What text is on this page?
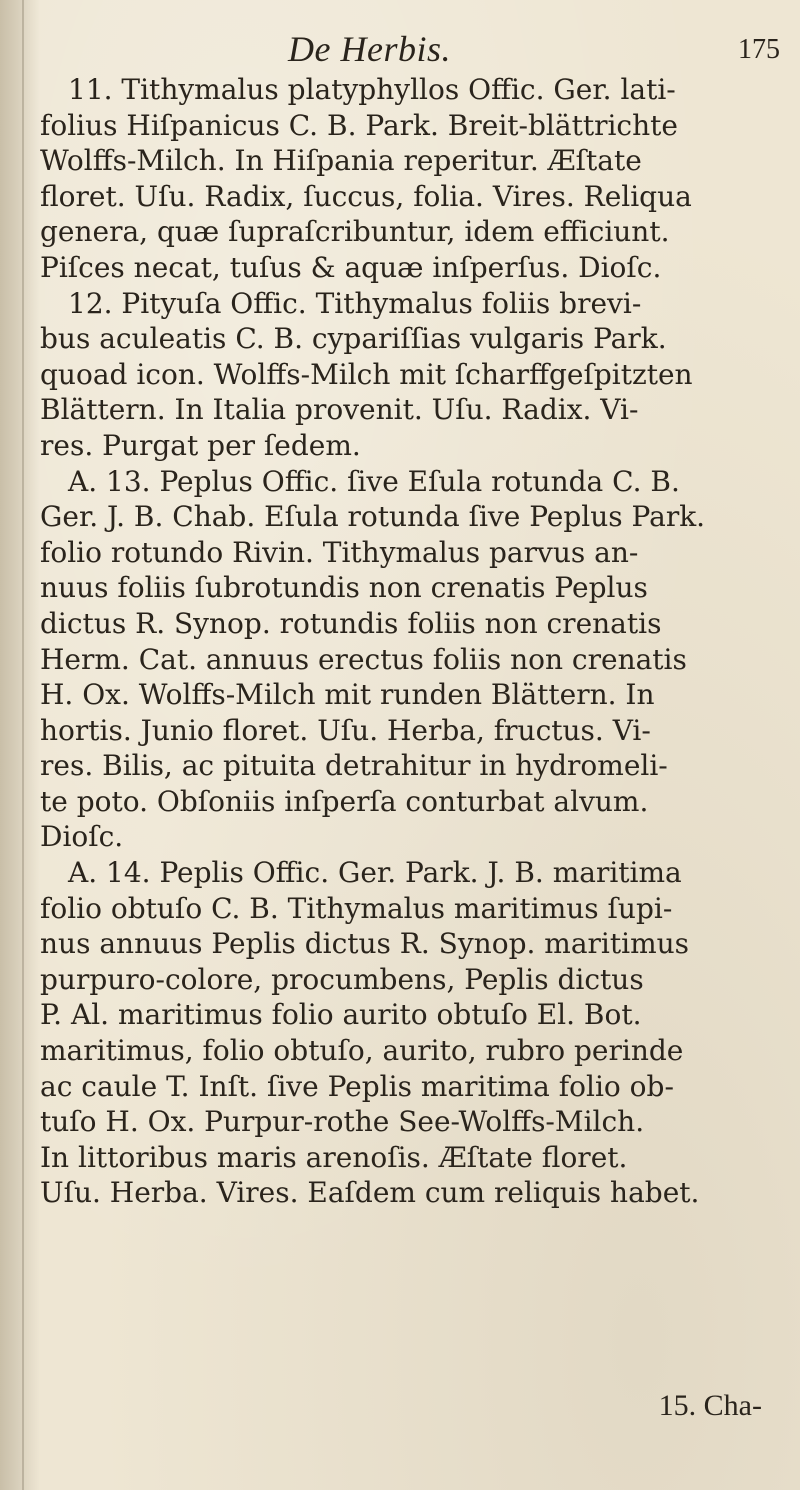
De Herbis.	175
11. Tithymalus platyphyllos Offic. Ger. lati-
folius Hiſpanicus C. B. Park. Breit-blättrichte
Wolffs-Milch. In Hiſpania reperitur. Æſtate
floret. Uſu. Radix, ſuccus, folia. Vires. Reliqua
genera, quæ ſupraſcribuntur, idem efficiunt.
Piſces necat, tuſus & aquæ inſperſus. Dioſc.
12. Pityuſa Offic. Tithymalus foliis brevi-
bus aculeatis C. B. cypariſſias vulgaris Park.
quoad icon. Wolffs-Milch mit ſcharffgeſpitzten
Blättern. In Italia provenit. Uſu. Radix. Vi-
res. Purgat per ſedem.
A. 13. Peplus Offic. ſive Eſula rotunda C. B.
Ger. J. B. Chab. Eſula rotunda ſive Peplus Park.
folio rotundo Rivin. Tithymalus parvus an-
nuus foliis ſubrotundis non crenatis Peplus
dictus R. Synop. rotundis foliis non crenatis
Herm. Cat. annuus erectus foliis non crenatis
H. Ox. Wolffs-Milch mit runden Blättern. In
hortis. Junio floret. Uſu. Herba, fructus. Vi-
res. Bilis, ac pituita detrahitur in hydromeli-
te poto. Obſoniis inſperſa conturbat alvum.
Dioſc.
A. 14. Peplis Offic. Ger. Park. J. B. maritima
folio obtuſo C. B. Tithymalus maritimus ſupi-
nus annuus Peplis dictus R. Synop. maritimus
purpuro-colore, procumbens, Peplis dictus
P. Al. maritimus folio aurito obtuſo El. Bot.
maritimus, folio obtuſo, aurito, rubro perinde
ac caule T. Inſt. ſive Peplis maritima folio ob-
tuſo H. Ox. Purpur-rothe See-Wolffs-Milch.
In littoribus maris arenoſis. Æſtate floret.
Uſu. Herba. Vires. Eaſdem cum reliquis habet.
15. Cha-
